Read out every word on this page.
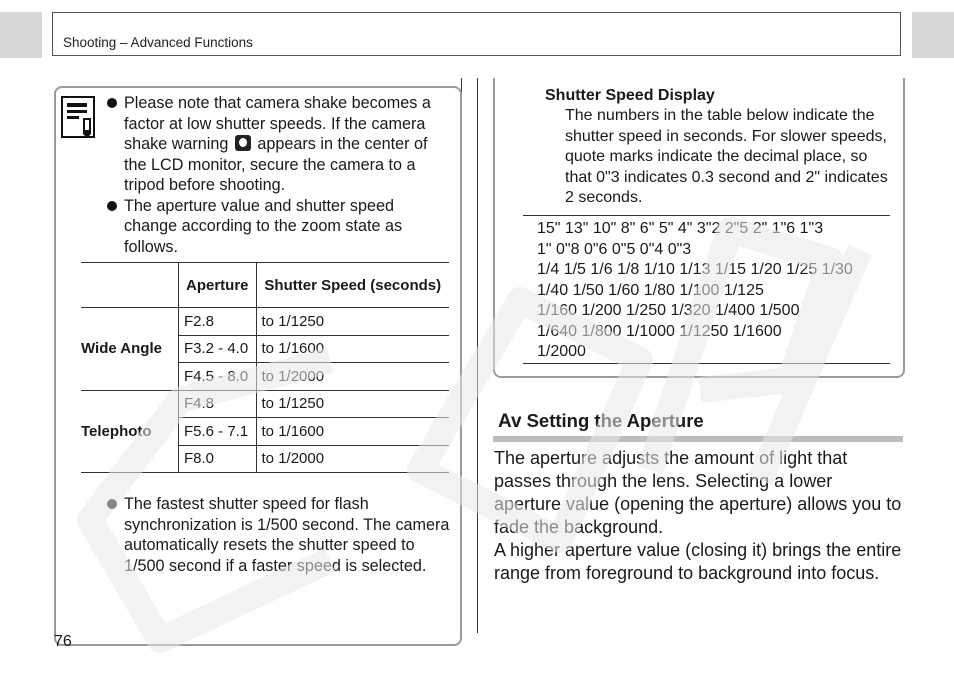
Shooting – Advanced Functions
Please note that camera shake becomes a factor at low shutter speeds. If the camera shake warning appears in the center of the LCD monitor, secure the camera to a tripod before shooting.
The aperture value and shutter speed change according to the zoom state as follows.
	Aperture	Shutter Speed (seconds)
Wide Angle	F2.8	to 1/1250
	F3.2 - 4.0	to 1/1600
	F4.5 - 8.0	to 1/2000
Telephoto	F4.8	to 1/1250
	F5.6 - 7.1	to 1/1600
	F8.0	to 1/2000
The fastest shutter speed for flash synchronization is 1/500 second. The camera automatically resets the shutter speed to 1/500 second if a faster speed is selected.
Shutter Speed Display
The numbers in the table below indicate the shutter speed in seconds. For slower speeds, quote marks indicate the decimal place, so that 0"3 indicates 0.3 second and 2" indicates 2 seconds.
15" 13" 10" 8" 6" 5" 4" 3"2 2"5 2" 1"6 1"3
1" 0"8 0"6 0"5 0"4 0"3
1/4 1/5 1/6 1/8 1/10 1/13 1/15 1/20 1/25 1/30
1/40 1/50 1/60 1/80 1/100 1/125
1/160 1/200 1/250 1/320 1/400 1/500
1/640 1/800 1/1000 1/1250 1/1600
1/2000
Av Setting the Aperture
The aperture adjusts the amount of light that passes through the lens. Selecting a lower aperture value (opening the aperture) allows you to fade the background.
A higher aperture value (closing it) brings the entire range from foreground to background into focus.
76
